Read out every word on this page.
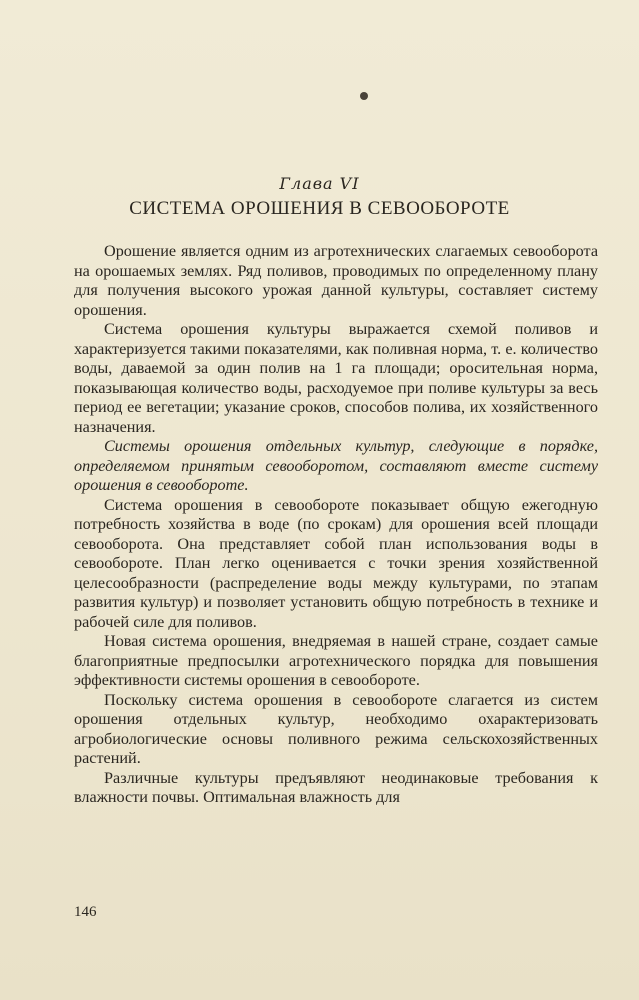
Глава VI
СИСТЕМА ОРОШЕНИЯ В СЕВООБОРОТЕ

Орошение является одним из агротехнических слагаемых севооборота на орошаемых землях. Ряд поливов, проводимых по определенному плану для получения высокого урожая данной культуры, составляет систему орошения.

Система орошения культуры выражается схемой поливов и характеризуется такими показателями, как поливная норма, т. е. количество воды, даваемой за один полив на 1 га площади; оросительная норма, показывающая количество воды, расходуемое при поливе культуры за весь период ее вегетации; указание сроков, способов полива, их хозяйственного назначения.

Системы орошения отдельных культур, следующие в порядке, определяемом принятым севооборотом, составляют вместе систему орошения в севообороте.

Система орошения в севообороте показывает общую ежегодную потребность хозяйства в воде (по срокам) для орошения всей площади севооборота. Она представляет собой план использования воды в севообороте. План легко оценивается с точки зрения хозяйственной целесообразности (распределение воды между культурами, по этапам развития культур) и позволяет установить общую потребность в технике и рабочей силе для поливов.

Новая система орошения, внедряемая в нашей стране, создает самые благоприятные предпосылки агротехнического порядка для повышения эффективности системы орошения в севообороте.

Поскольку система орошения в севообороте слагается из систем орошения отдельных культур, необходимо охарактеризовать агробиологические основы поливного режима сельскохозяйственных растений.

Различные культуры предъявляют неодинаковые требования к влажности почвы. Оптимальная влажность для

146
